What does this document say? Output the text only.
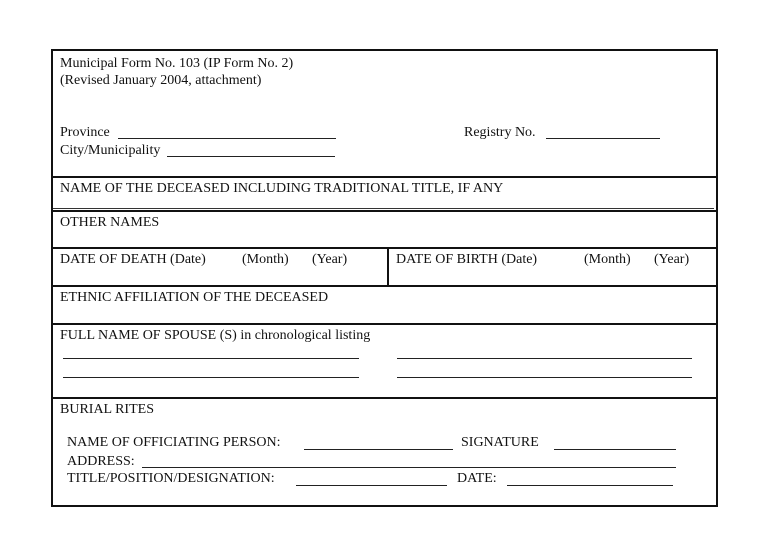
Municipal Form No. 103 (IP Form No. 2)
(Revised January 2004, attachment)
Province
City/Municipality
Registry No.
NAME OF THE DECEASED INCLUDING TRADITIONAL TITLE, IF ANY
OTHER NAMES
DATE OF DEATH (Date)	(Month) (Year)	DATE OF BIRTH (Date)	(Month) (Year)
ETHNIC AFFILIATION OF THE DECEASED
FULL NAME OF SPOUSE (S) in chronological listing
BURIAL RITES
NAME OF OFFICIATING PERSON:	SIGNATURE
ADDRESS:
TITLE/POSITION/DESIGNATION:	DATE:
